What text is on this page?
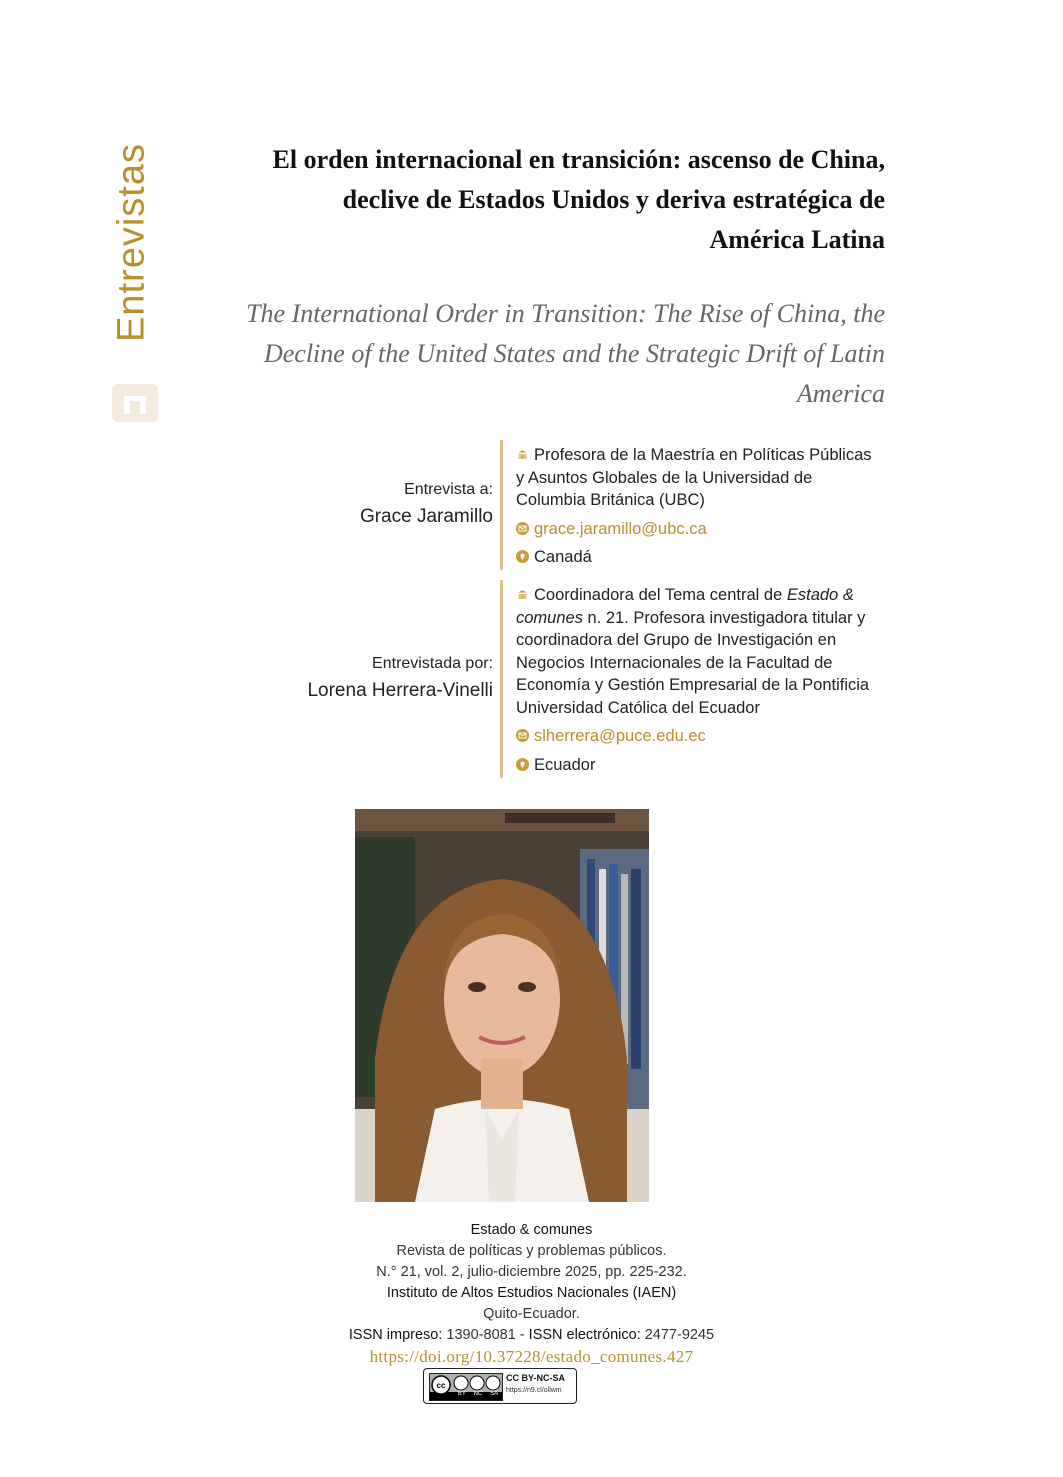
Entrevistas	El orden internacional en transición: ascenso de China, declive de Estados Unidos y deriva estratégica de América Latina
The International Order in Transition: The Rise of China, the Decline of the United States and the Strategic Drift of Latin America
Entrevista a:
Grace Jaramillo
Profesora de la Maestría en Políticas Públicas y Asuntos Globales de la Universidad de Columbia Británica (UBC)
grace.jaramillo@ubc.ca
Canadá
Entrevistada por:
Lorena Herrera-Vinelli
Coordinadora del Tema central de Estado & comunes n. 21. Profesora investigadora titular y coordinadora del Grupo de Investigación en Negocios Internacionales de la Facultad de Economía y Gestión Empresarial de la Pontificia Universidad Católica del Ecuador
slherrera@puce.edu.ec
Ecuador
Estado & comunes
Revista de políticas y problemas públicos.
N.° 21, vol. 2, julio-diciembre 2025, pp. 225-232.
Instituto de Altos Estudios Nacionales (IAEN)
Quito-Ecuador.
ISSN impreso: 1390-8081 - ISSN electrónico: 2477-9245
https://doi.org/10.37228/estado_comunes.427
cc
BY NC SA
CC BY-NC-SA
https://n9.cl/ollwm
